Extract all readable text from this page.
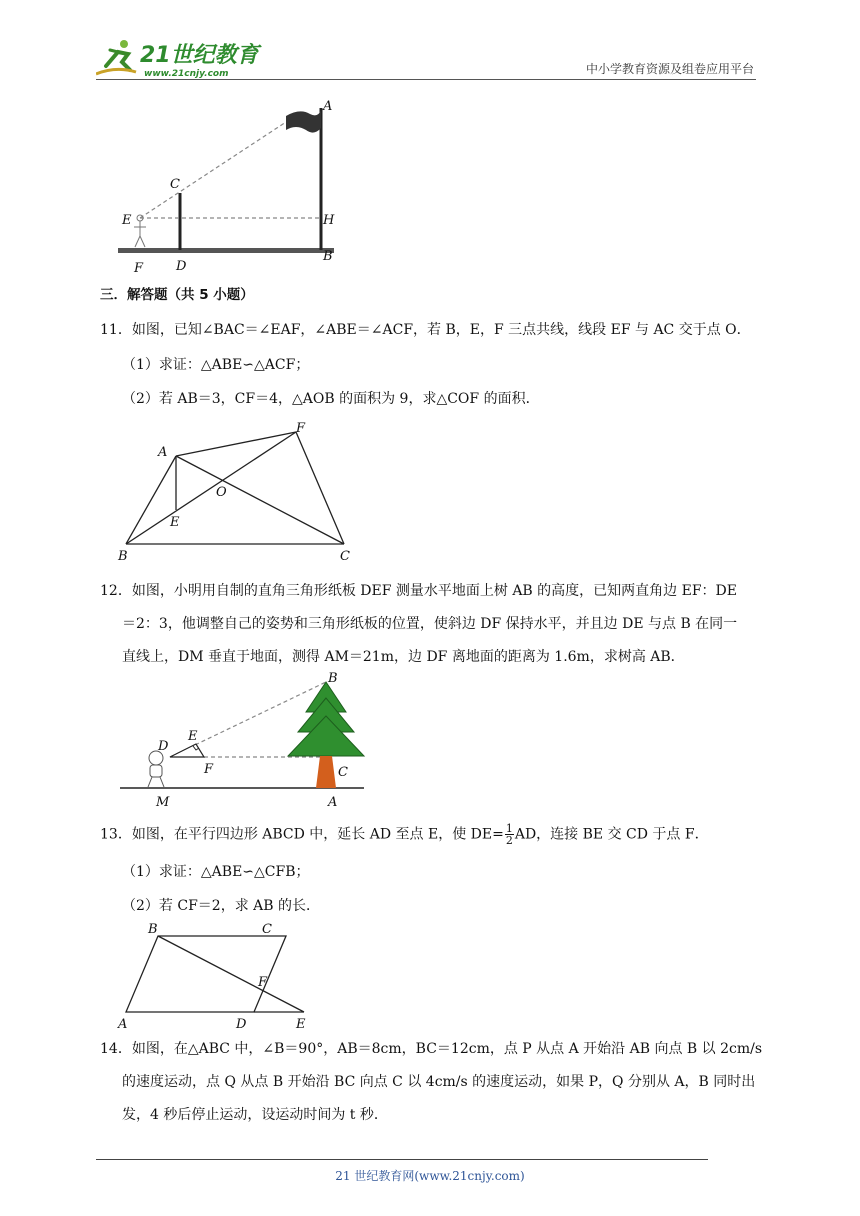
21世纪教育
www.21cnjy.com	中小学教育资源及组卷应用平台
A
C
E	H
F	D
B
三．解答题（共 5 小题）
11．如图，已知∠BAC＝∠EAF，∠ABE＝∠ACF，若 B，E，F 三点共线，线段 EF 与 AC 交于点 O．
（1）求证：△ABE∽△ACF；
（2）若 AB＝3，CF＝4，△AOB 的面积为 9，求△COF 的面积．
A
F
O
E
B	C
12．如图，小明用自制的直角三角形纸板 DEF 测量水平地面上树 AB 的高度，已知两直角边 EF：DE
＝2：3，他调整自己的姿势和三角形纸板的位置，使斜边 DF 保持水平，并且边 DE 与点 B 在同一
直线上，DM 垂直于地面，测得 AM＝21m，边 DF 离地面的距离为 1.6m，求树高 AB．
B
E
D
F	C
M	A
13．如图，在平行四边形 ABCD 中，延长 AD 至点 E，使 $DE= \frac{1}{2}$ AD，连接 BE 交 CD 于点 F．
（1）求证：△ABE∽△CFB；
（2）若 CF＝2，求 AB 的长．
B	C
F
A	D	E
14．如图，在△ABC 中，∠B＝90°，AB＝8cm，BC＝12cm，点 P 从点 A 开始沿 AB 向点 B 以 2cm/s
的速度运动，点 Q 从点 B 开始沿 BC 向点 C 以 4cm/s 的速度运动，如果 P，Q 分别从 A，B 同时出
发，4 秒后停止运动，设运动时间为 t 秒．
21 世纪教育网(www.21cnjy.com)
